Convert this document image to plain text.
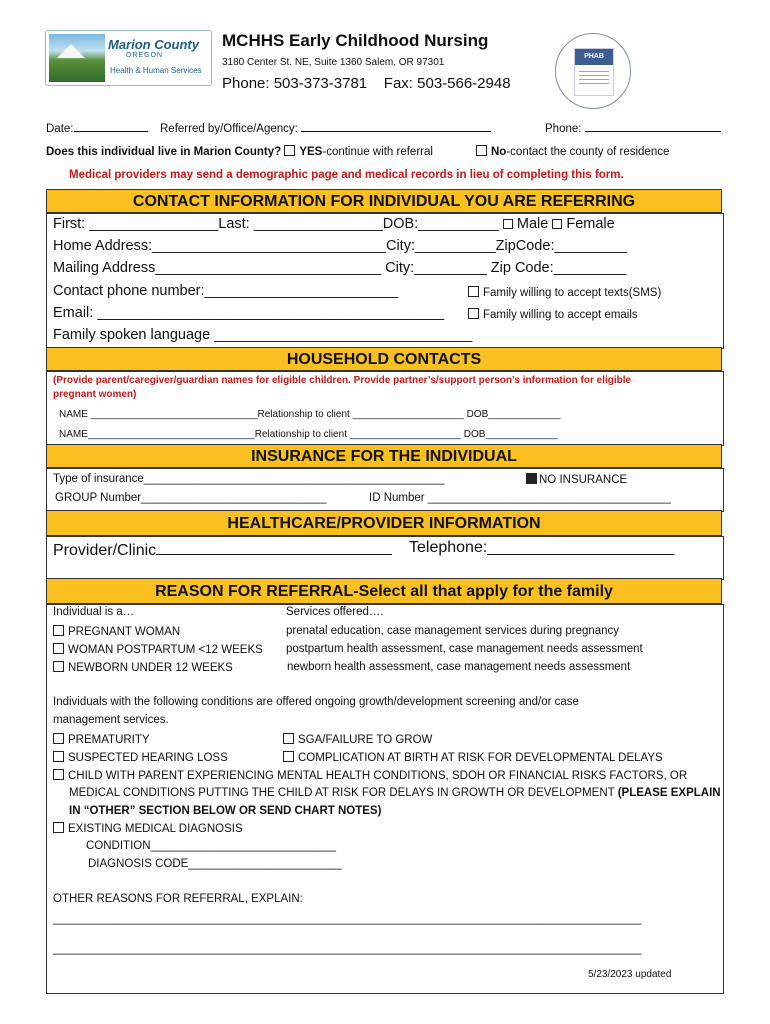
Marion County
OREGON
Health & Human Services
MCHHS Early Childhood Nursing
3180 Center St. NE, Suite 1360 Salem, OR 97301
Phone: 503-373-3781 Fax: 503-566-2948
PHAB
Date:	Referred by/Office/Agency:	Phone:
Does this individual live in Marion County? YES-continue with referral	No-contact the county of residence
Medical providers may send a demographic page and medical records in lieu of completing this form.
CONTACT INFORMATION FOR INDIVIDUAL YOU ARE REFERRING
First: ________________Last: ________________DOB:__________ Male Female
Home Address:_____________________________City:__________ZipCode:_________
Mailing Address____________________________ City:_________ Zip Code:_________
Contact phone number:________________________	Family willing to accept texts(SMS)
Email: ___________________________________________	Family willing to accept emails
Family spoken language ________________________________
HOUSEHOLD CONTACTS
(Provide parent/caregiver/guardian names for eligible children. Provide partner’s/support person’s information for eligible pregnant women)
NAME ______________________________Relationship to client ____________________ DOB_____________
NAME______________________________Relationship to client ____________________ DOB_____________
INSURANCE FOR THE INDIVIDUAL
Type of insurance_______________________________________________	NO INSURANCE
GROUP Number_____________________________	ID Number ______________________________________
HEALTHCARE/PROVIDER INFORMATION
Provider/Clinic	Telephone:_____________________
REASON FOR REFERRAL-Select all that apply for the family
Individual is a…	Services offered….
PREGNANT WOMAN	prenatal education, case management services during pregnancy
WOMAN POSTPARTUM <12 WEEKS postpartum health assessment, case management needs assessment
NEWBORN UNDER 12 WEEKS	newborn health assessment, case management needs assessment
Individuals with the following conditions are offered ongoing growth/development screening and/or case
management services.
PREMATURITY	SGA/FAILURE TO GROW
SUSPECTED HEARING LOSS	COMPLICATION AT BIRTH AT RISK FOR DEVELOPMENTAL DELAYS
CHILD WITH PARENT EXPERIENCING MENTAL HEALTH CONDITIONS, SDOH OR FINANCIAL RISKS FACTORS, OR
MEDICAL CONDITIONS PUTTING THE CHILD AT RISK FOR DELAYS IN GROWTH OR DEVELOPMENT (PLEASE EXPLAIN
IN “OTHER” SECTION BELOW OR SEND CHART NOTES)
EXISTING MEDICAL DIAGNOSIS
CONDITION_____________________________
DIAGNOSIS CODE________________________
OTHER REASONS FOR REFERRAL, EXPLAIN:
____________________________________________________________________________________________
____________________________________________________________________________________________
5/23/2023 updated
